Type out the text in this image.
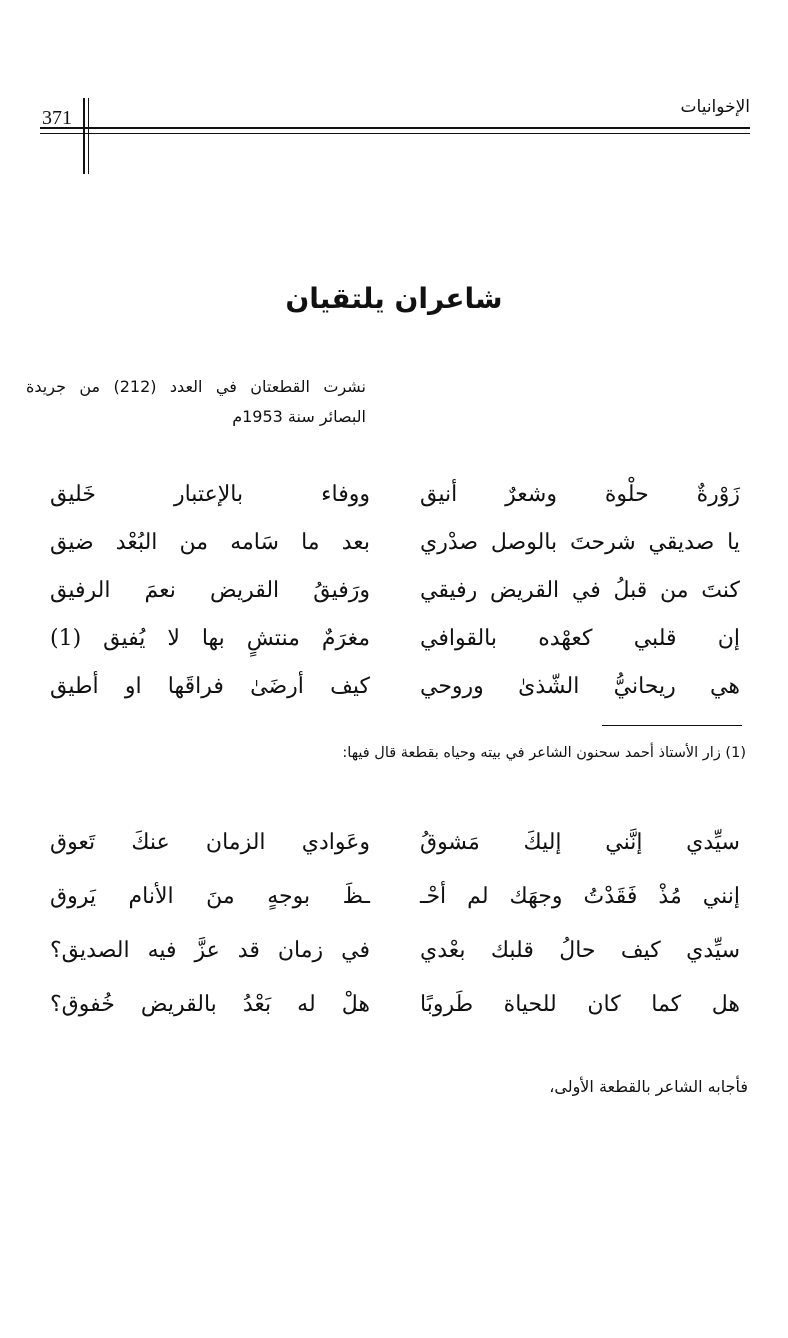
الإخوانيات
371
شاعران يلتقيان
نشرت القطعتان في العدد (212) من جريدة البصائر سنة 1953م
زَوْرةٌ حلْوة وشعرٌ أنيق
ووفاء بالإعتبار خَليق
يا صديقي شرحتَ بالوصل صدْري
بعد ما سَامه من البُعْد ضيق
كنتَ من قبلُ في القريض رفيقي
ورَفيقُ القريض نعمَ الرفيق
إن قلبي كعهْده بالقوافي
مغرَمٌ منتشٍ بها لا يُفيق (1)
هي ريحانيُّ الشّذىٰ وروحي
كيف أرضَىٰ فراقَها او أطيق
(1) زار الأستاذ أحمد سحنون الشاعر في بيته وحياه بقطعة قال فيها:
سيِّدي إنَّني إليكَ مَشوقُ
وعَوادي الزمان عنكَ تَعوق
إنني مُذْ فَقَدْتُ وجهَك لم أحْـ
ـظَ بوجهٍ منَ الأنام يَروق
سيِّدي كيف حالُ قلبك بعْدي
في زمان قد عزَّ فيه الصديق؟
هل كما كان للحياة طَروبًا
هلْ له بَعْدُ بالقريض خُفوق؟
فأجابه الشاعر بالقطعة الأولى،
